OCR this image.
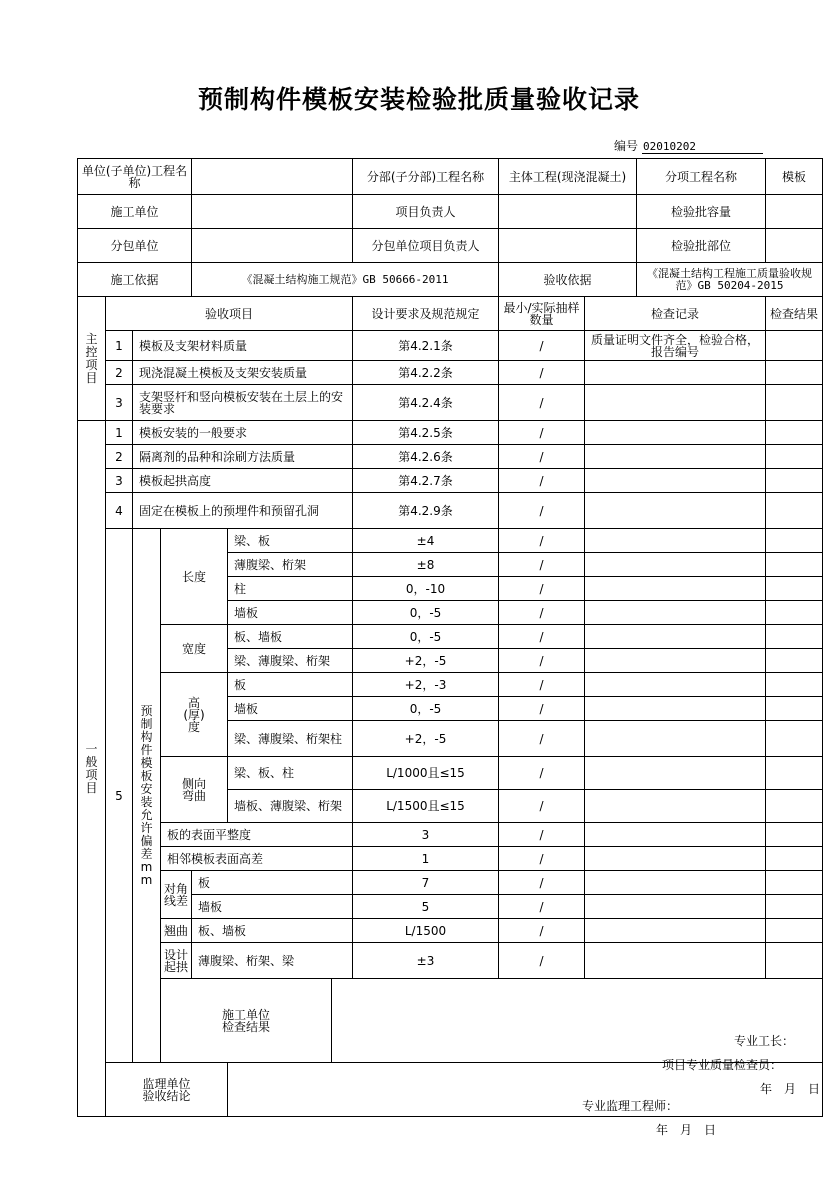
预制构件模板安装检验批质量验收记录
编号 02010202
单位(子单位)工程名称							分部(子分部)工程名称	主体工程(现浇混凝土)		分项工程名称	模板
施工单位							项目负责人			检验批容量	
分包单位							分包单位项目负责人			检验批部位	
施工依据				《混凝土结构施工规范》GB 50666-2011				验收依据		《混凝土结构工程施工质量验收规范》GB 50204-2015	
主控项目	验收项目						设计要求及规范规定	最小/实际抽样数量	检查记录		检查结果
	1	模板及支架材料质量					第4.2.1条	/	质量证明文件齐全，检验合格，报告编号		
	2	现浇混凝土模板及支架安装质量					第4.2.2条	/			
	3	支架竖杆和竖向模板安装在土层上的安装要求					第4.2.4条	/			
一般项目	1	模板安装的一般要求					第4.2.5条	/			
	2	隔离剂的品种和涂刷方法质量					第4.2.6条	/			
	3	模板起拱高度					第4.2.7条	/			
	4	固定在模板上的预埋件和预留孔洞					第4.2.9条	/			
	5	预制构件模板安装允许偏差mm	长度		梁、板		±4	/			
					薄腹梁、桁架		±8	/			
					柱		0，-10	/			
					墙板		0，-5	/			
			宽度		板、墙板		0，-5	/			
					梁、薄腹梁、桁架		+2，-5	/			
			高(厚)度		板		+2，-3	/			
					墙板		0，-5	/			
					梁、薄腹梁、桁架柱		+2，-5	/			
			侧向弯曲		梁、板、柱		L/1000且≤15	/			
					墙板、薄腹梁、桁架		L/1500且≤15	/			
			板的表面平整度				3	/			
			相邻模板表面高差				1	/			
			对角线差	板			7	/			
				墙板			5	/			
			翘曲	板、墙板			L/1500	/			
			设计起拱	薄腹梁、桁架、梁			±3	/			
			施工单位检查结果			专业工长：
项目专业质量检查员：
年　月　日					

	监理单位验收结论				专业监理工程师：
年　月　日						
